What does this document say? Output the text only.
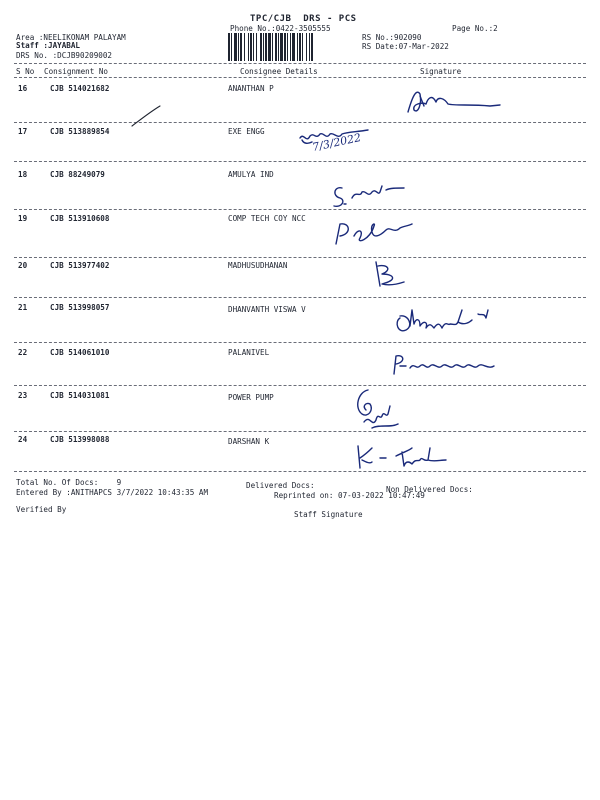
TPC/CJB  DRS - PCS
Phone No.:0422-3505555	Page No.:2
Area :NEELIKONAM PALAYAM
Staff :JAYABAL
DRS No. :DCJB90209002
RS No.:902090
RS Date:07-Mar-2022
S No Consignment No	Consignee Details	Signature
16	CJB 514021682	ANANTHAN P
17	CJB 513889854	EXE ENGG
18	CJB 88249079	AMULYA IND
19	CJB 513910608	COMP TECH COY NCC
20	CJB 513977402	MADHUSUDHANAN
21	CJB 513998057	DHANVANTH VISWA V
22	CJB 514061010	PALANIVEL
23	CJB 514031081	POWER PUMP
24	CJB 513998088	DARSHAN K
Total No. Of Docs:    9	Delivered Docs:	Non Delivered Docs:
Entered By :ANITHAPCS 3/7/2022 10:43:35 AM	Reprinted on: 07-03-2022 10:47:49
Verified By
Staff Signature
7/3/2022
